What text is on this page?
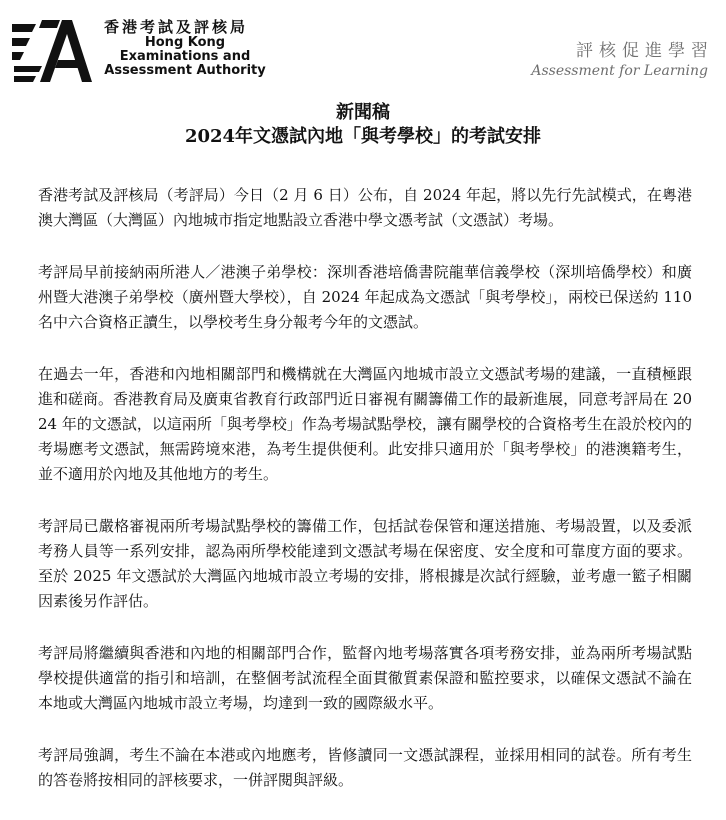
香港考試及評核局
Hong Kong
Examinations and
Assessment Authority
評核促進學習
Assessment for Learning
新聞稿
2024年文憑試內地「與考學校」的考試安排

香港考試及評核局（考評局）今日（2 月 6 日）公布，自 2024 年起，將以先行先試模式，在粵港澳大灣區（大灣區）內地城市指定地點設立香港中學文憑考試（文憑試）考場。

考評局早前接納兩所港人／港澳子弟學校：深圳香港培僑書院龍華信義學校（深圳培僑學校）和廣州暨大港澳子弟學校（廣州暨大學校），自 2024 年起成為文憑試「與考學校」，兩校已保送約 110 名中六合資格正讀生，以學校考生身分報考今年的文憑試。

在過去一年，香港和內地相關部門和機構就在大灣區內地城市設立文憑試考場的建議，一直積極跟進和磋商。香港教育局及廣東省教育行政部門近日審視有關籌備工作的最新進展，同意考評局在 2024 年的文憑試，以這兩所「與考學校」作為考場試點學校，讓有關學校的合資格考生在設於校內的考場應考文憑試，無需跨境來港，為考生提供便利。此安排只適用於「與考學校」的港澳籍考生，並不適用於內地及其他地方的考生。

考評局已嚴格審視兩所考場試點學校的籌備工作，包括試卷保管和運送措施、考場設置，以及委派考務人員等一系列安排，認為兩所學校能達到文憑試考場在保密度、安全度和可靠度方面的要求。至於 2025 年文憑試於大灣區內地城市設立考場的安排，將根據是次試行經驗，並考慮一籃子相關因素後另作評估。

考評局將繼續與香港和內地的相關部門合作，監督內地考場落實各項考務安排，並為兩所考場試點學校提供適當的指引和培訓，在整個考試流程全面貫徹質素保證和監控要求，以確保文憑試不論在本地或大灣區內地城市設立考場，均達到一致的國際級水平。

考評局強調，考生不論在本港或內地應考，皆修讀同一文憑試課程，並採用相同的試卷。所有考生的答卷將按相同的評核要求，一併評閱與評級。
